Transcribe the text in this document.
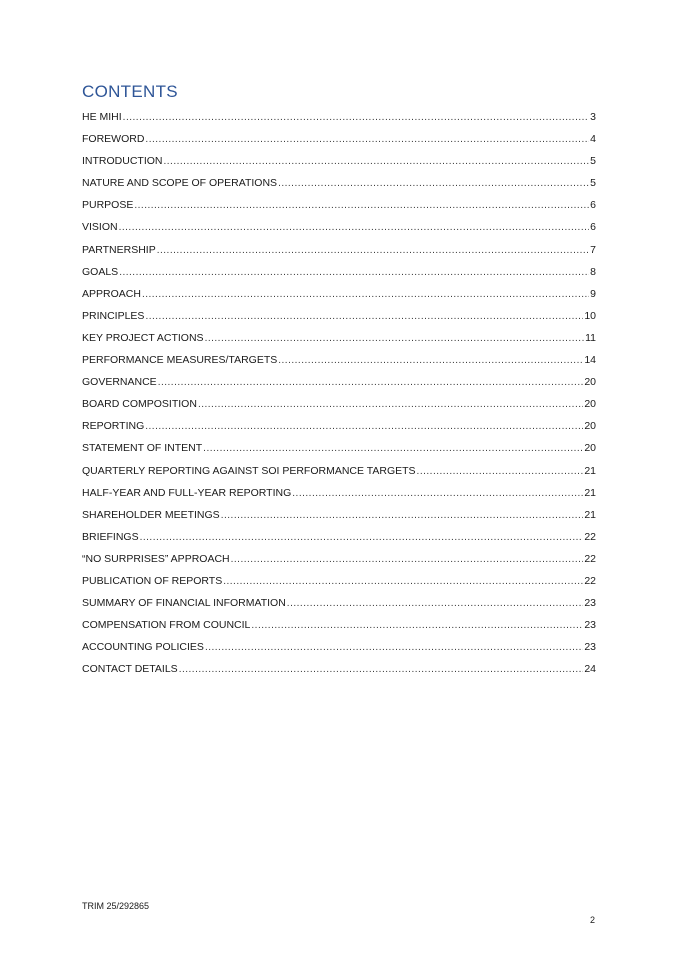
CONTENTS
HE MIHI .....	3
FOREWORD .....	4
INTRODUCTION .....	5
NATURE AND SCOPE OF OPERATIONS .....	5
PURPOSE .....	6
VISION .....	6
PARTNERSHIP .....	7
GOALS .....	8
APPROACH .....	9
PRINCIPLES .....	10
KEY PROJECT ACTIONS .....	11
PERFORMANCE MEASURES/TARGETS .....	14
GOVERNANCE .....	20
BOARD COMPOSITION .....	20
REPORTING .....	20
STATEMENT OF INTENT .....	20
QUARTERLY REPORTING AGAINST SOI PERFORMANCE TARGETS .....	21
HALF-YEAR AND FULL-YEAR REPORTING .....	21
SHAREHOLDER MEETINGS .....	21
BRIEFINGS .....	22
“NO SURPRISES” APPROACH .....	22
PUBLICATION OF REPORTS .....	22
SUMMARY OF FINANCIAL INFORMATION .....	23
COMPENSATION FROM COUNCIL .....	23
ACCOUNTING POLICIES .....	23
CONTACT DETAILS .....	24
TRIM 25/292865
2
